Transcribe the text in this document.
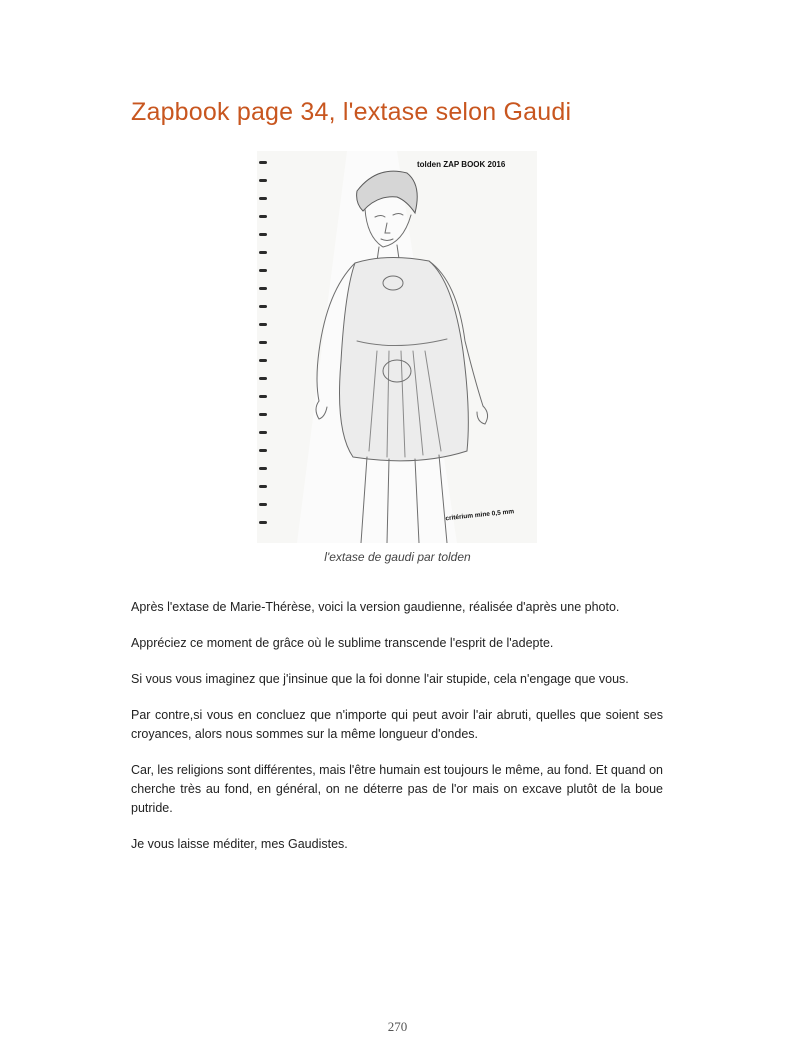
Zapbook page 34, l'extase selon Gaudi
tolden ZAP BOOK 2016
critérium mine 0,5 mm
l'extase de gaudi par tolden

Après l'extase de Marie-Thérèse, voici la version gaudienne, réalisée d'après une photo.

Appréciez ce moment de grâce où le sublime transcende l'esprit de l'adepte.

Si vous vous imaginez que j'insinue que la foi donne l'air stupide, cela n'engage que vous.

Par contre,si vous en concluez que n'importe qui peut avoir l'air abruti, quelles que soient ses croyances, alors nous sommes sur la même longueur d'ondes.

Car, les religions sont différentes, mais l'être humain est toujours le même, au fond. Et quand on cherche très au fond, en général, on ne déterre pas de l'or mais on excave plutôt de la boue putride.

Je vous laisse méditer, mes Gaudistes.

270
